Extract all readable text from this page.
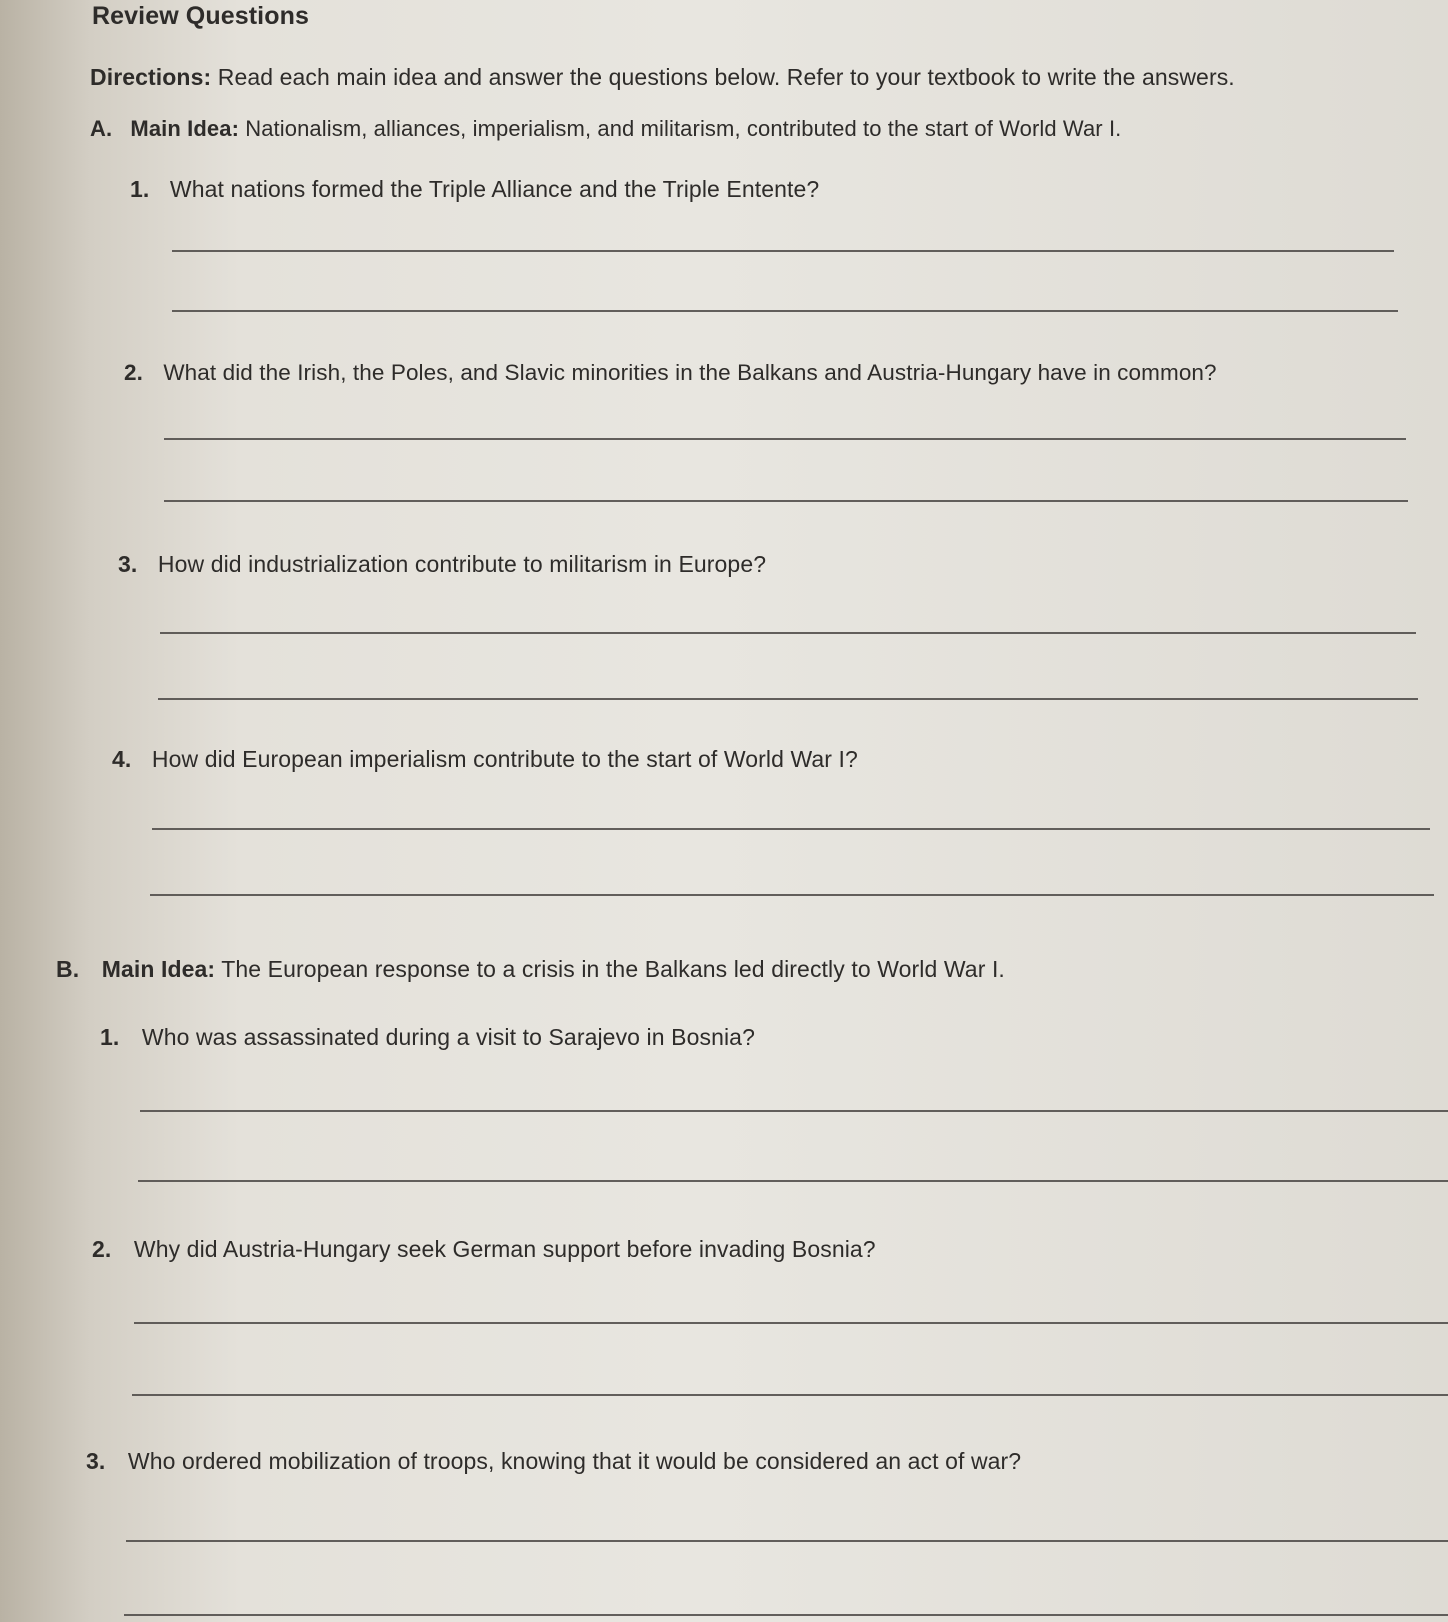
Review Questions
Directions: Read each main idea and answer the questions below. Refer to your textbook to write the answers.
A. Main Idea: Nationalism, alliances, imperialism, and militarism, contributed to the start of World War I.
1. What nations formed the Triple Alliance and the Triple Entente?
2. What did the Irish, the Poles, and Slavic minorities in the Balkans and Austria-Hungary have in common?
3. How did industrialization contribute to militarism in Europe?
4. How did European imperialism contribute to the start of World War I?
B. Main Idea: The European response to a crisis in the Balkans led directly to World War I.
1. Who was assassinated during a visit to Sarajevo in Bosnia?
2. Why did Austria-Hungary seek German support before invading Bosnia?
3. Who ordered mobilization of troops, knowing that it would be considered an act of war?
